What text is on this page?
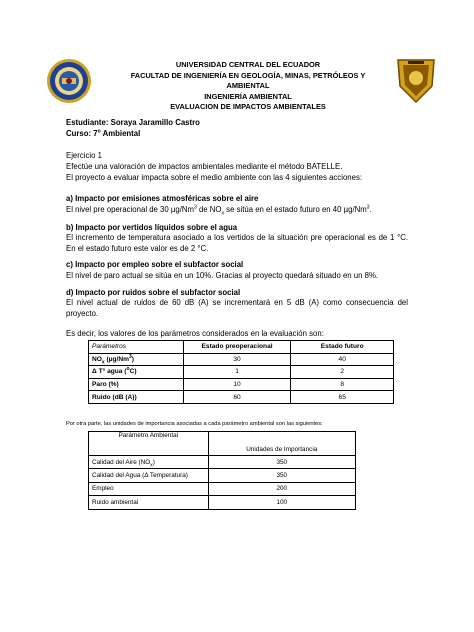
UNIVERSIDAD CENTRAL DEL ECUADOR
FACULTAD DE INGENIERÍA EN GEOLOGÍA, MINAS, PETRÓLEOS Y
AMBIENTAL
INGENIERÍA AMBIENTAL
EVALUACION DE IMPACTOS AMBIENTALES
Estudiante: Soraya Jaramillo Castro
Curso: 7$^o$ Ambiental
Ejercicio 1
Efectúe una valoración de impactos ambientales mediante el método BATELLE.
El proyecto a evaluar impacta sobre el medio ambiente con las 4 siguientes acciones:
a) Impacto por emisiones atmosféricas sobre el aire
El nivel pre operacional de 30 µg/Nm$^3$ de $NO_x$ se sitúa en el estado futuro en 40 µg/Nm$^3$.
b) Impacto por vertidos líquidos sobre el agua
El incremento de temperatura asociado a los vertidos de la situación pre operacional es de 1 °C. En el estado futuro este valor es de 2 °C.
c) Impacto por empleo sobre el subfactor social
El nivel de paro actual se sitúa en un 10%. Gracias al proyecto quedará situado en un 8%.
d) Impacto por ruidos sobre el subfactor social
El nivel actual de ruidos de 60 dB (A) se incrementará en 5 dB (A) como consecuencia del proyecto.
Es decir, los valores de los parámetros considerados en la evaluación son:
Parámetros	Estado preoperacional	Estado futuro
$NO_x$ (µg/Nm$^3$)	30	40
Δ T° agua ($^o$C)	1	2
Paro (%)	10	8
Ruido (dB (A))	60	65
Por otra parte, las unidades de importancia asociadas a cada parámetro ambiental son las siguientes:
Parámetro Ambiental	
	Unidades de Importancia
Calidad del Aire $(NO_x)$	350
Calidad del Agua (Δ Temperatura)	350
Empleo	200
Ruido ambiental	100
